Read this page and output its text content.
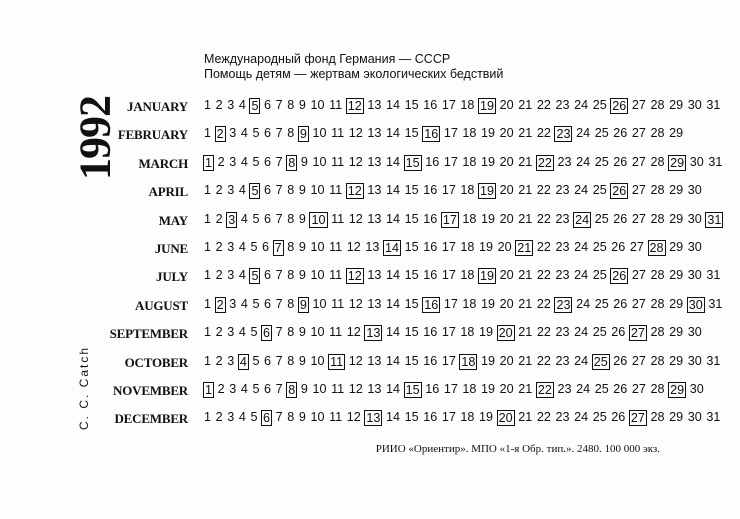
Международный фонд Германия — СССР
Помощь детям — жертвам экологических бедствий
1992
C. C. Catch
JANUARY 1 2 3 4 5 6 7 8 9 10 11 12 13 14 15 16 17 18 19 20 21 22 23 24 25 26 27 28 29 30 31
FEBRUARY 1 2 3 4 5 6 7 8 9 10 11 12 13 14 15 16 17 18 19 20 21 22 23 24 25 26 27 28 29
MARCH 1 2 3 4 5 6 7 8 9 10 11 12 13 14 15 16 17 18 19 20 21 22 23 24 25 26 27 28 29 30 31
APRIL 1 2 3 4 5 6 7 8 9 10 11 12 13 14 15 16 17 18 19 20 21 22 23 24 25 26 27 28 29 30
MAY 1 2 3 4 5 6 7 8 9 10 11 12 13 14 15 16 17 18 19 20 21 22 23 24 25 26 27 28 29 30 31
JUNE 1 2 3 4 5 6 7 8 9 10 11 12 13 14 15 16 17 18 19 20 21 22 23 24 25 26 27 28 29 30
JULY 1 2 3 4 5 6 7 8 9 10 11 12 13 14 15 16 17 18 19 20 21 22 23 24 25 26 27 28 29 30 31
AUGUST 1 2 3 4 5 6 7 8 9 10 11 12 13 14 15 16 17 18 19 20 21 22 23 24 25 26 27 28 29 30 31
SEPTEMBER 1 2 3 4 5 6 7 8 9 10 11 12 13 14 15 16 17 18 19 20 21 22 23 24 25 26 27 28 29 30
OCTOBER 1 2 3 4 5 6 7 8 9 10 11 12 13 14 15 16 17 18 19 20 21 22 23 24 25 26 27 28 29 30 31
NOVEMBER 1 2 3 4 5 6 7 8 9 10 11 12 13 14 15 16 17 18 19 20 21 22 23 24 25 26 27 28 29 30
DECEMBER 1 2 3 4 5 6 7 8 9 10 11 12 13 14 15 16 17 18 19 20 21 22 23 24 25 26 27 28 29 30 31
РИИО «Ориентир». МПО «1-я Обр. тип.». 2480. 100 000 экз.
